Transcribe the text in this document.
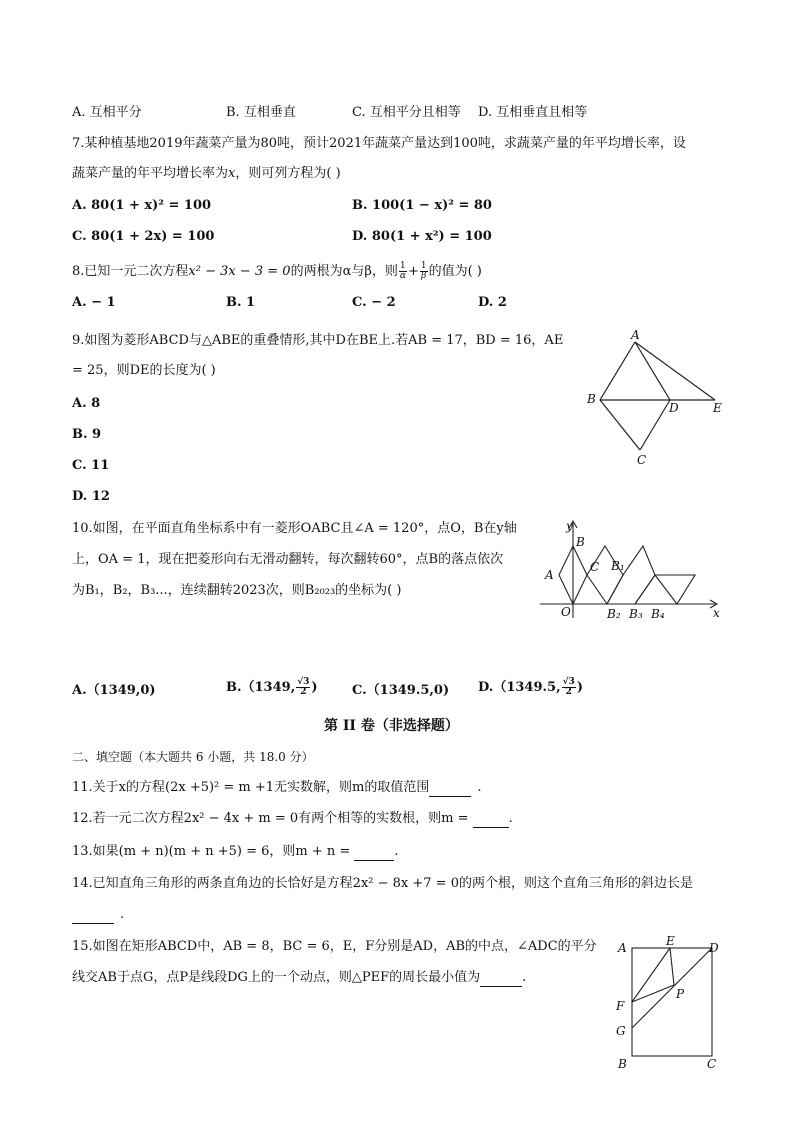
A. 互相平分	B. 互相垂直	C. 互相平分且相等 D. 互相垂直且相等
7.某种植基地2019年蔬菜产量为80吨，预计2021年蔬菜产量达到100吨，求蔬菜产量的年平均增长率，设
蔬菜产量的年平均增长率为x，则可列方程为( )
A. 80(1 + x)² = 100	B. 100(1 − x)² = 80
C. 80(1 + 2x) = 100	D. 80(1 + x²) = 100
8.已知一元二次方程x² − 3x − 3 = 0的两根为α与β，则 $\frac{1}{\alpha} + \frac{1}{\beta}$ 的值为( )
A. − 1	B. 1	C. − 2	D. 2
9.如图为菱形ABCD与△ABE的重叠情形,其中D在BE上.若AB = 17，BD = 16，AE
= 25，则DE的长度为( )
A. 8
B. 9
C. 11
D. 12
A
B
C
D	E
10.如图，在平面直角坐标系中有一菱形OABC且∠A = 120°，点O，B在y轴
上，OA = 1，现在把菱形向右无滑动翻转，每次翻转60°，点B的落点依次
为B₁，B₂，B₃...，连续翻转2023次，则B₂₀₂₃的坐标为( )
y
x
O
A
B
C B₁
B₂ B₃ B₄
A.（1349,0)	B.（1349, $\frac{√3}{2}$ )	C.（1349.5,0) D.（1349.5, $\frac{√3}{2}$ )
第 II 卷（非选择题）
二、填空题（本大题共 6 小题，共 18.0 分）
11.关于x的方程(2x +5)² = m +1无实数解，则m的取值范围	.
12.若一元二次方程2x² − 4x + m = 0有两个相等的实数根，则m =	.
13.如果(m + n)(m + n +5) = 6，则m + n =	.
14.已知直角三角形的两条直角边的长恰好是方程2x² − 8x +7 = 0的两个根，则这个直角三角形的斜边长是
.
15.如图在矩形ABCD中，AB = 8，BC = 6，E，F分别是AD，AB的中点，∠ADC的平分
线交AB于点G，点P是线段DG上的一个动点，则△PEF的周长最小值为	.
A	E	D
F
P
G
B	C
